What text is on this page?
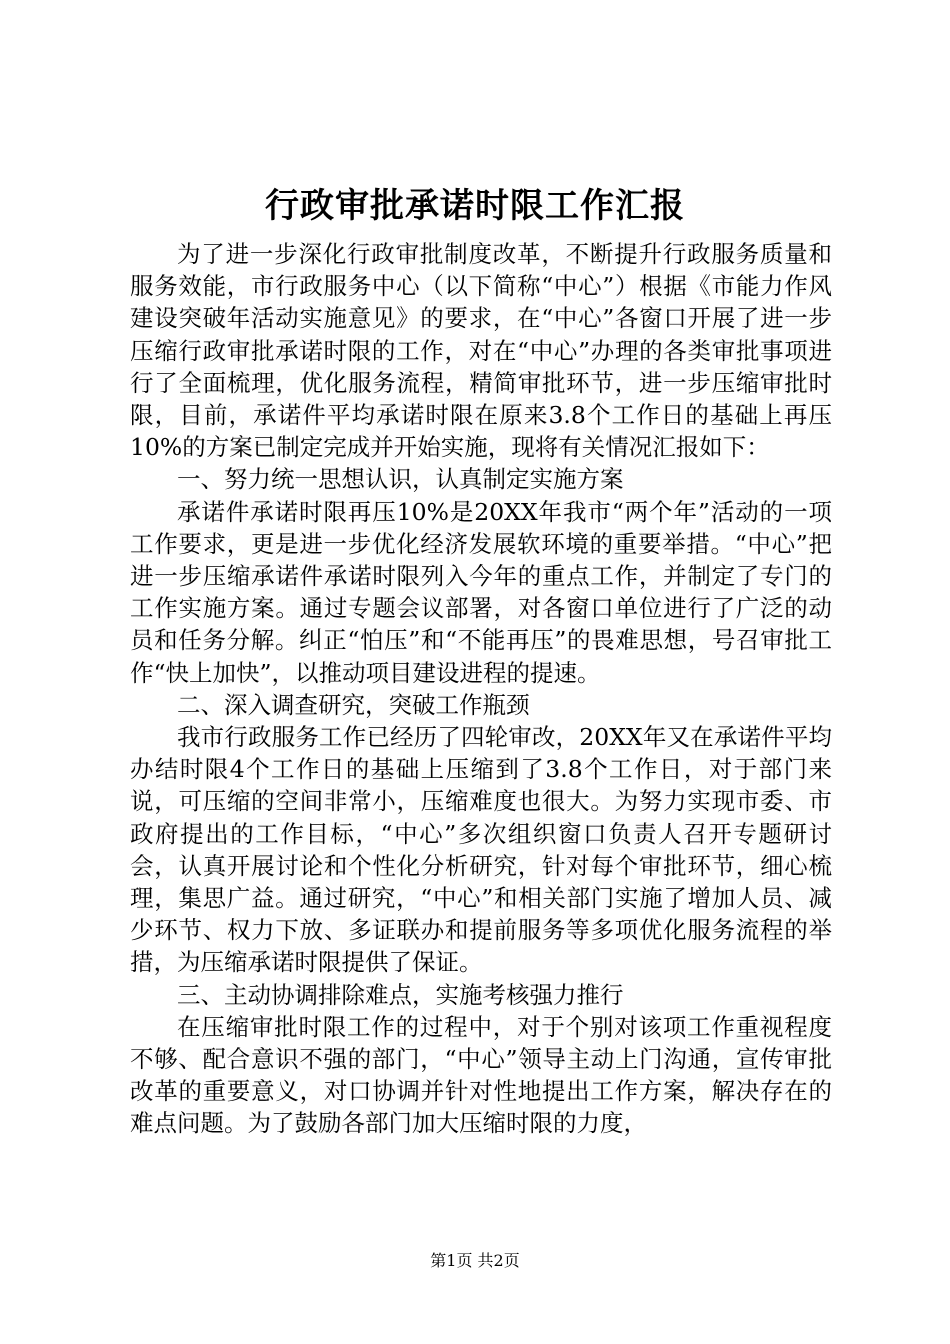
行政审批承诺时限工作汇报

为了进一步深化行政审批制度改革，不断提升行政服务质量和服务效能，市行政服务中心（以下简称“中心”）根据《市能力作风建设突破年活动实施意见》的要求，在“中心”各窗口开展了进一步压缩行政审批承诺时限的工作，对在“中心”办理的各类审批事项进行了全面梳理，优化服务流程，精简审批环节，进一步压缩审批时限，目前，承诺件平均承诺时限在原来3.8个工作日的基础上再压10%的方案已制定完成并开始实施，现将有关情况汇报如下：

一、努力统一思想认识，认真制定实施方案

承诺件承诺时限再压10%是20XX年我市“两个年”活动的一项工作要求，更是进一步优化经济发展软环境的重要举措。“中心”把进一步压缩承诺件承诺时限列入今年的重点工作，并制定了专门的工作实施方案。通过专题会议部署，对各窗口单位进行了广泛的动员和任务分解。纠正“怕压”和“不能再压”的畏难思想，号召审批工作“快上加快”，以推动项目建设进程的提速。

二、深入调查研究，突破工作瓶颈

我市行政服务工作已经历了四轮审改，20XX年又在承诺件平均办结时限4个工作日的基础上压缩到了3.8个工作日，对于部门来说，可压缩的空间非常小，压缩难度也很大。为努力实现市委、市政府提出的工作目标，“中心”多次组织窗口负责人召开专题研讨会，认真开展讨论和个性化分析研究，针对每个审批环节，细心梳理，集思广益。通过研究，“中心”和相关部门实施了增加人员、减少环节、权力下放、多证联办和提前服务等多项优化服务流程的举措，为压缩承诺时限提供了保证。

三、主动协调排除难点，实施考核强力推行

在压缩审批时限工作的过程中，对于个别对该项工作重视程度不够、配合意识不强的部门，“中心”领导主动上门沟通，宣传审批改革的重要意义，对口协调并针对性地提出工作方案，解决存在的难点问题。为了鼓励各部门加大压缩时限的力度，

第1页 共2页
